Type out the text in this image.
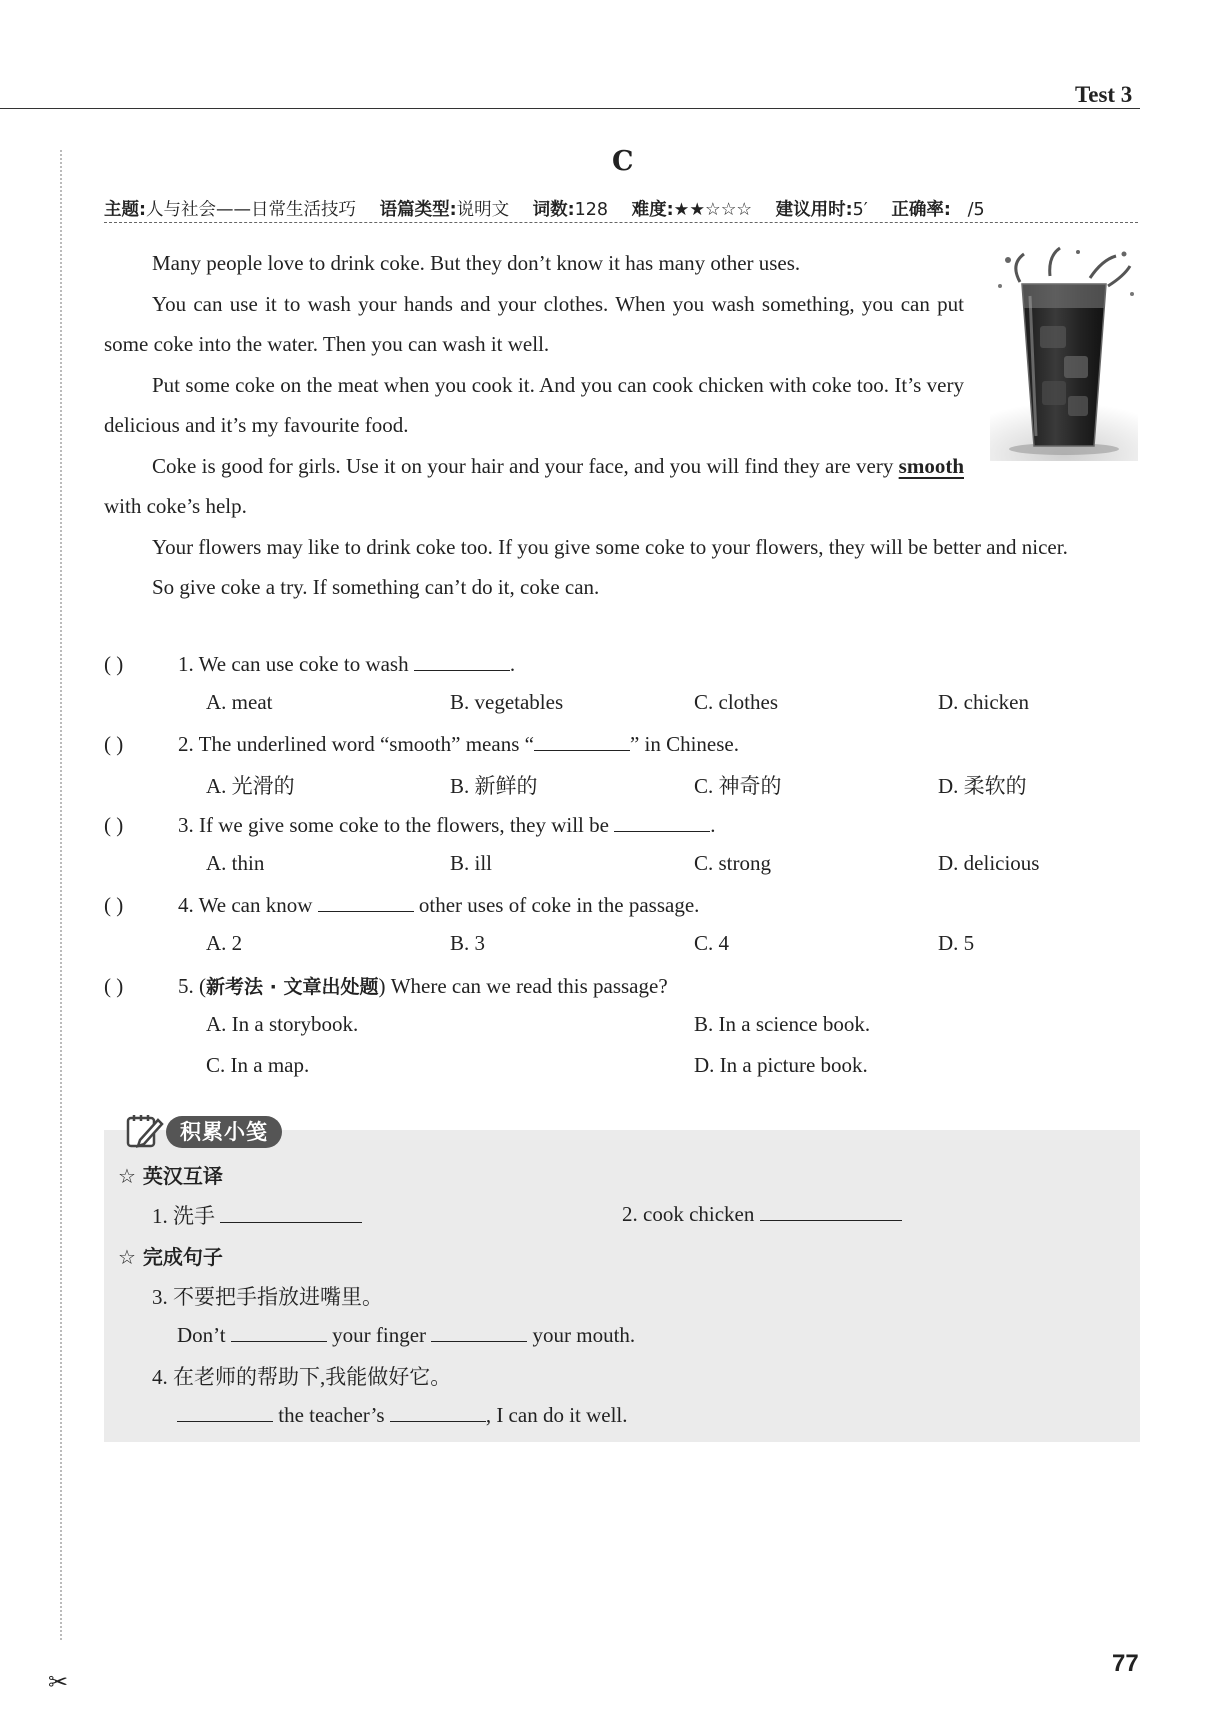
✂
Test 3
C
主题:人与社会——日常生活技巧 语篇类型:说明文 词数:128 难度:★★☆☆☆ 建议用时:5′ 正确率: /5

Many people love to drink coke. But they don’t know it has many other uses.

You can use it to wash your hands and your clothes. When you wash something, you can put some coke into the water. Then you can wash it well.

Put some coke on the meat when you cook it. And you can cook chicken with coke too. It’s very delicious and it’s my favourite food.

Coke is good for girls. Use it on your hair and your face, and you will find they are very smooth with coke’s help.

Your flowers may like to drink coke too. If you give some coke to your flowers, they will be better and nicer.

So give coke a try. If something can’t do it, coke can.

( )	1. We can use coke to wash	.
A. meat	B. vegetables	C. clothes	D. chicken
( )	2. The underlined word “smooth” means “	” in Chinese.
A. 光滑的	B. 新鲜的	C. 神奇的	D. 柔软的
( )	3. If we give some coke to the flowers, they will be	.
A. thin	B. ill	C. strong	D. delicious
( )	4. We can know	other uses of coke in the passage.
A. 2	B. 3	C. 4	D. 5
( )	5. (新考法 · 文章出处题) Where can we read this passage?
A. In a storybook.	B. In a science book.
C. In a map.	D. In a picture book.
积累小笺
☆ 英汉互译
1. 洗手	2. cook chicken
☆ 完成句子
3. 不要把手指放进嘴里。
Don’t	your finger	your mouth.
4. 在老师的帮助下,我能做好它。
the teacher’s	, I can do it well.
77
